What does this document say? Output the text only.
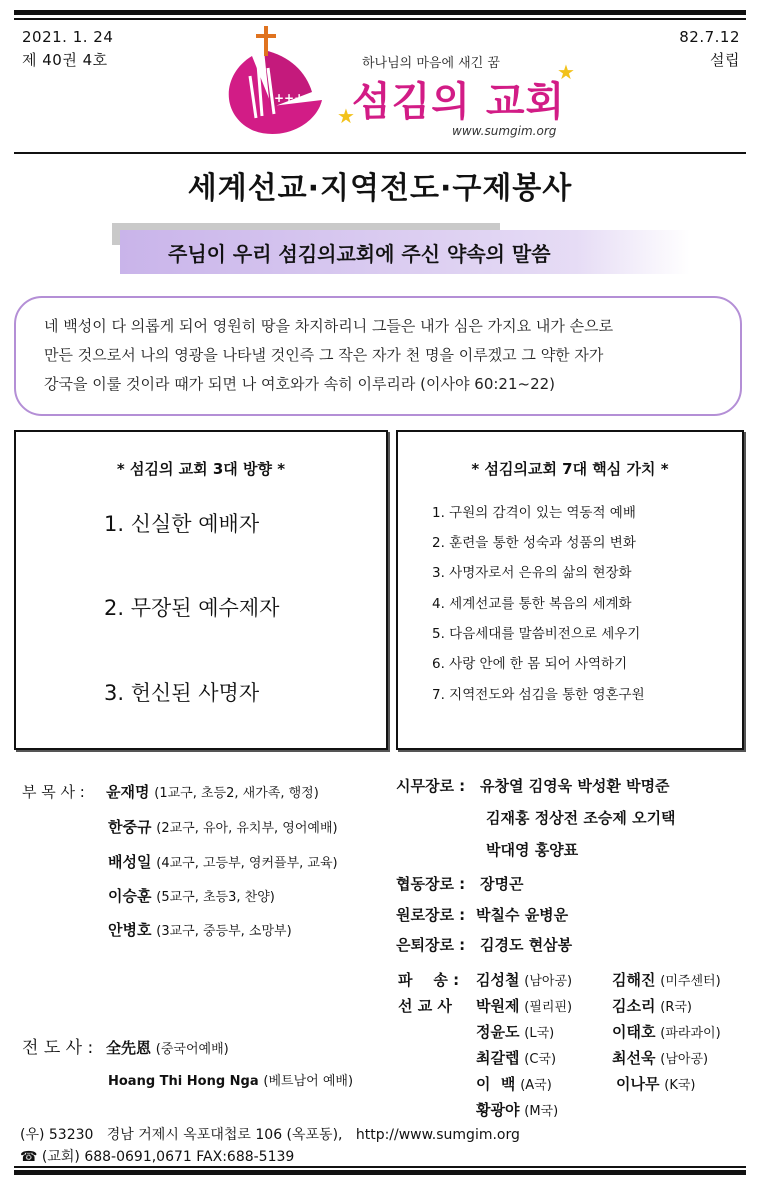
2021. 1. 24
제 40권 4호
82.7.12
설립
+++
하나님의 마음에 새긴 꿈
★
섬김의 교회
★
www.sumgim.org
세계선교·지역전도·구제봉사
주님이 우리 섬김의교회에 주신 약속의 말씀
네 백성이 다 의롭게 되어 영원히 땅을 차지하리니 그들은 내가 심은 가지요 내가 손으로
만든 것으로서 나의 영광을 나타낼 것인즉 그 작은 자가 천 명을 이루겠고 그 약한 자가
강국을 이룰 것이라 때가 되면 나 여호와가 속히 이루리라 (이사야 60:21~22)
* 섬김의 교회 3대 방향 *
1. 신실한 예배자
2. 무장된 예수제자
3. 헌신된 사명자
* 섬김의교회 7대 핵심 가치 *
1. 구원의 감격이 있는 역동적 예배
2. 훈련을 통한 성숙과 성품의 변화
3. 사명자로서 은유의 삶의 현장화
4. 세계선교를 통한 복음의 세계화
5. 다음세대를 말씀비전으로 세우기
6. 사랑 안에 한 몸 되어 사역하기
7. 지역전도와 섬김을 통한 영혼구원
부 목 사 : 윤재명 (1교구, 초등2, 새가족, 행정)
한중규 (2교구, 유아, 유치부, 영어예배)
배성일 (4교구, 고등부, 영커플부, 교육)
이승훈 (5교구, 초등3, 찬양)
안병호 (3교구, 중등부, 소망부)
전 도 사 : 全先恩 (중국어예배)
Hoang Thi Hong Nga (베트남어 예배)
시무장로 : 유창열 김영욱 박성환 박명준
김재홍 정상전 조승제 오기택
박대영 홍양표
협동장로 : 장명곤
원로장로 : 박칠수 윤병운
은퇴장로 : 김경도 현삼봉
파    송 :
선 교 사
김성철 (남아공)
박원제 (필리핀)
정윤도 (L국)
최갈렙 (C국)
이  백 (A국)
황광야 (M국)
김해진 (미주센터)
김소리 (R국)
이태호 (파라과이)
최선욱 (남아공)
이나무 (K국)
(우) 53230   경남 거제시 옥포대첩로 106 (옥포동),   http://www.sumgim.org
☎ (교회) 688-0691,0671 FAX:688-5139
